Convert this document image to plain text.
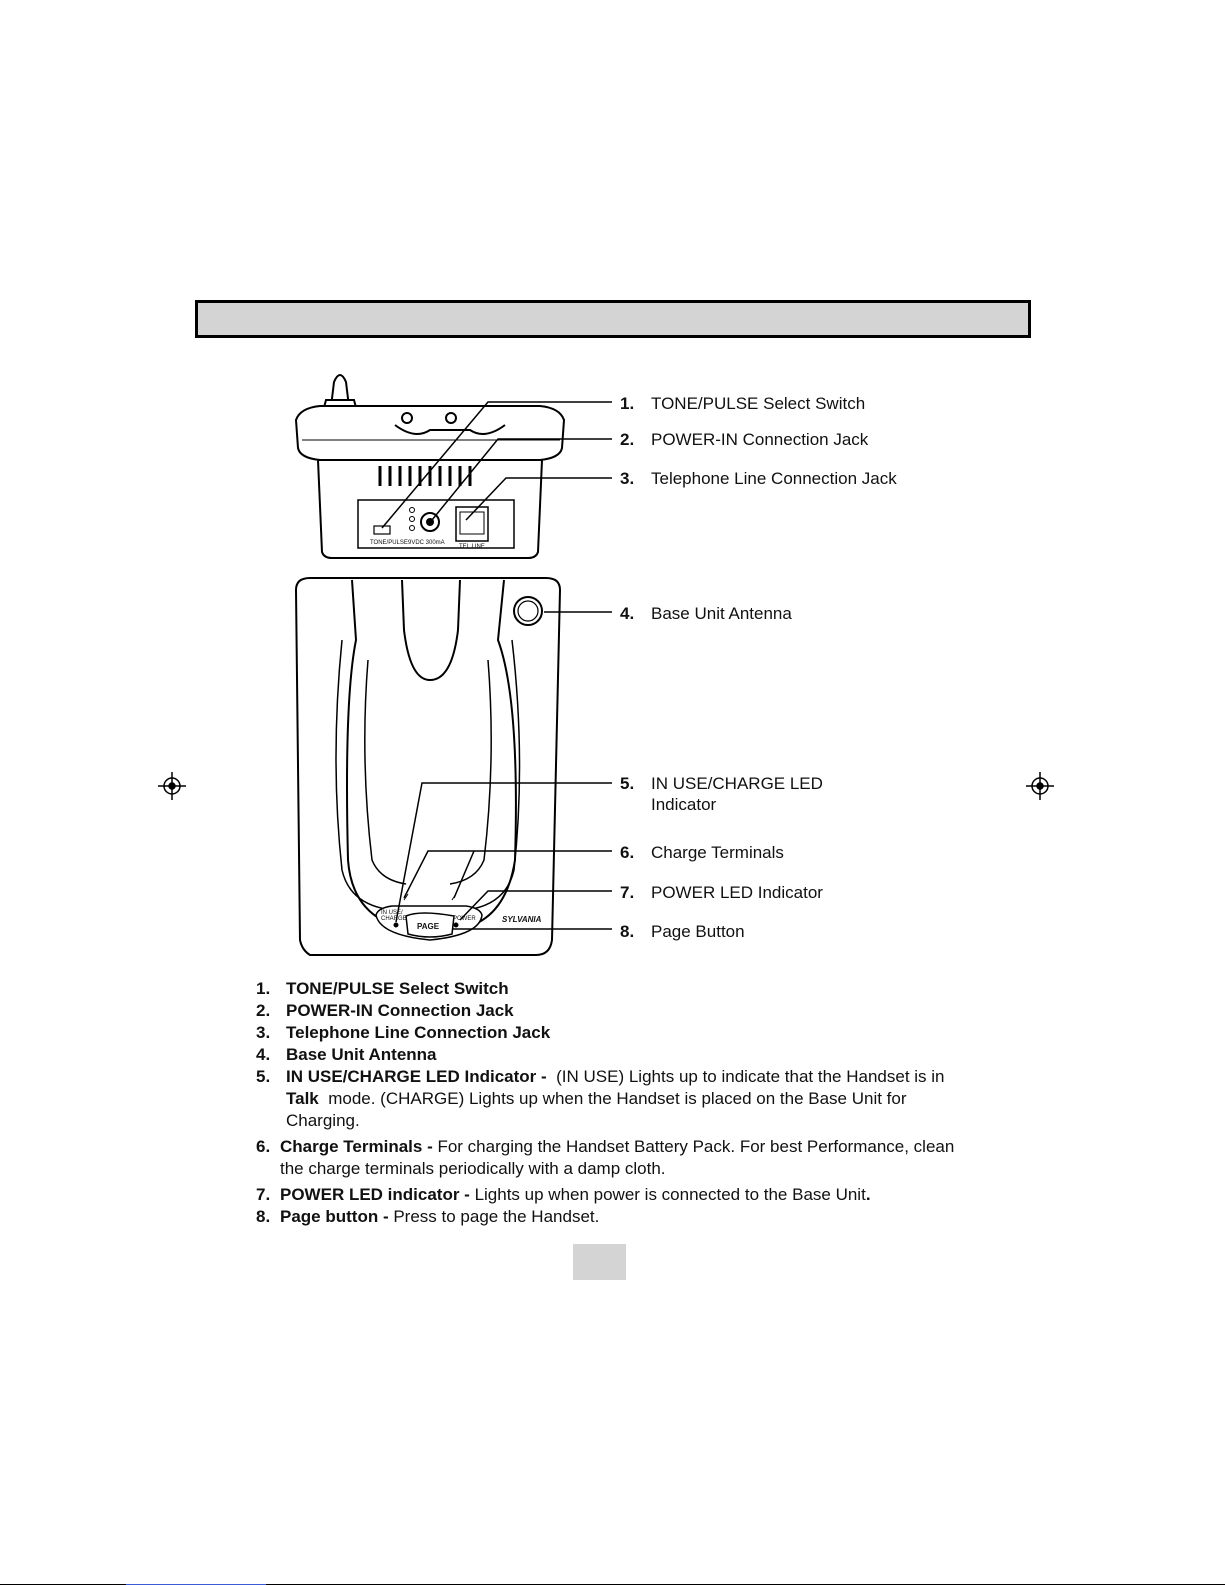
TONE/PULSE 9VDC 300mA
TEL LINE
IN USE/
CHARGE
PAGE
POWER	SYLVANIA
1. TONE/PULSE Select Switch
2. POWER-IN Connection Jack
3. Telephone Line Connection Jack
4. Base Unit Antenna
5. IN USE/CHARGE LED
Indicator
6. Charge Terminals
7. POWER LED Indicator
8. Page Button

1. TONE/PULSE Select Switch

2. POWER-IN Connection Jack

3. Telephone Line Connection Jack

4. Base Unit Antenna

5. IN USE/CHARGE LED Indicator -  (IN USE) Lights up to indicate that the Handset is in Talk  mode. (CHARGE) Lights up when the Handset is placed on the Base Unit for Charging.

6. Charge Terminals - For charging the Handset Battery Pack. For best Performance, clean the charge terminals periodically with a damp cloth.

7. POWER LED indicator - Lights up when power is connected to the Base Unit.

8. Page button - Press to page the Handset.
